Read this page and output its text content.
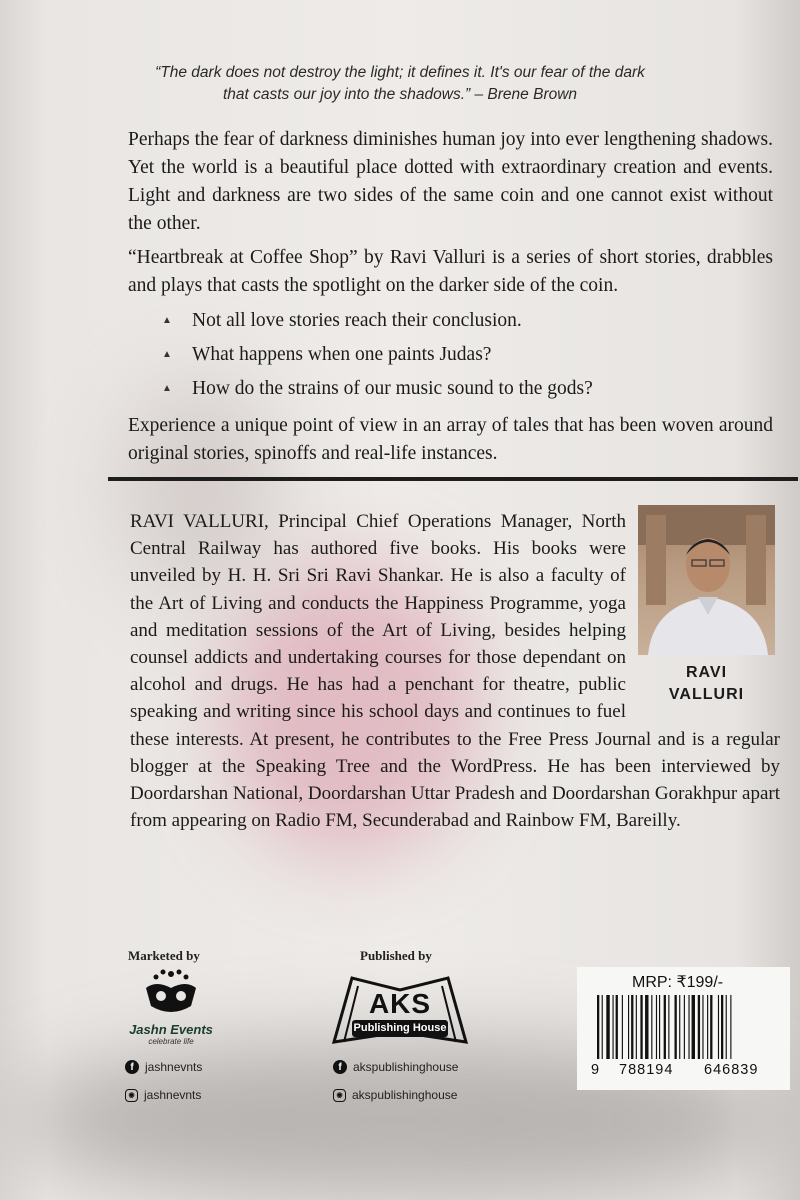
“The dark does not destroy the light; it defines it. It's our fear of the dark
that casts our joy into the shadows.” – Brene Brown

Perhaps the fear of darkness diminishes human joy into ever lengthening shadows. Yet the world is a beautiful place dotted with extraordinary creation and events. Light and darkness are two sides of the same coin and one cannot exist without the other.

“Heartbreak at Coffee Shop” by Ravi Valluri is a series of short stories, drabbles and plays that casts the spotlight on the darker side of the coin.

▲ Not all love stories reach their conclusion.
▲ What happens when one paints Judas?
▲ How do the strains of our music sound to the gods?

Experience a unique point of view in an array of tales that has been woven around original stories, spinoffs and real-life instances.

RAVI VALLURI, Principal Chief Operations Manager, North Central Railway has authored five books. His books were unveiled by H. H. Sri Sri Ravi Shankar. He is also a faculty of the Art of Living and conducts the Happiness Programme, yoga and meditation sessions of the Art of Living, besides helping counsel addicts and undertaking courses for those dependant on alcohol and drugs. He has had a penchant for theatre, public speaking and writing since his school days and continues to fuel these interests. At present, he contributes to the Free Press Journal and is a regular blogger at the Speaking Tree and the WordPress. He has been interviewed by Doordarshan National, Doordarshan Uttar Pradesh and Doordarshan Gorakhpur apart from appearing on Radio FM, Secunderabad and Rainbow FM, Bareilly.
RAVI
VALLURI
Marketed by
Jashn Events
celebrate life
f jashnevnts
◉ jashnevnts
Published by
AKS
Publishing House
f akspublishinghouse
◉ akspublishinghouse
MRP: ₹199/-
9 788194 646839
